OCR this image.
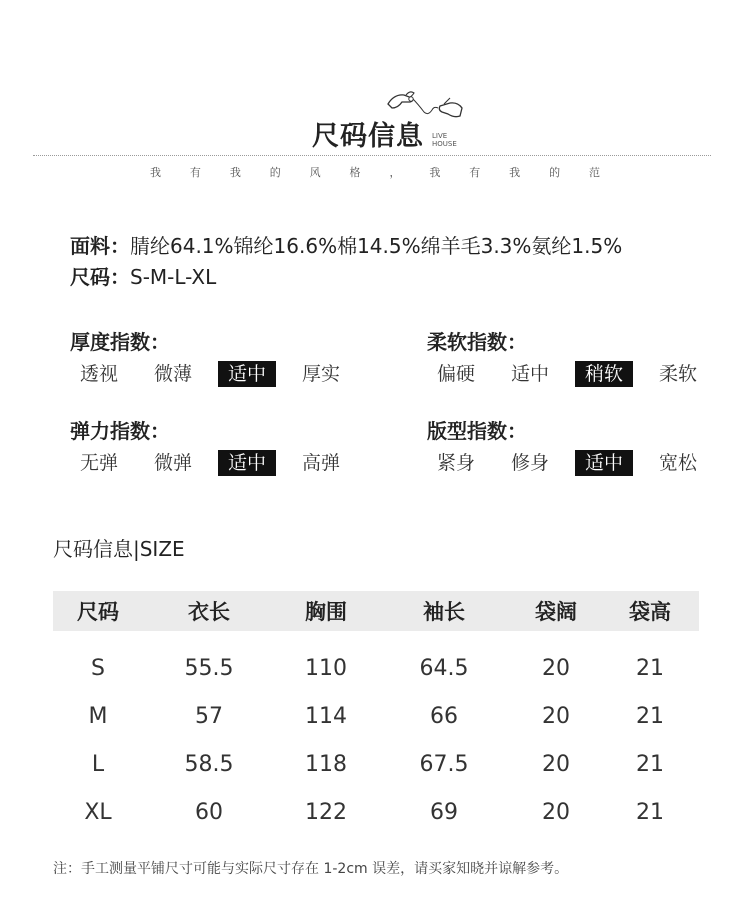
尺码信息 LIVE
HOUSE
我	有	我	的	风	格	，	我	有	我	的	范
面料：腈纶64.1%锦纶16.6%棉14.5%绵羊毛3.3%氨纶1.5%
尺码：S-M-L-XL
厚度指数：
透视	微薄	适中	厚实
柔软指数：
偏硬	适中	稍软	柔软
弹力指数：
无弹	微弹	适中	高弹
版型指数：
紧身	修身	适中	宽松
尺码信息|SIZE
尺码	衣长	胸围	袖长	袋阔	袋高
S	55.5	110	64.5	20	21
M	57	114	66	20	21
L	58.5	118	67.5	20	21
XL	60	122	69	20	21
注：手工测量平铺尺寸可能与实际尺寸存在 1-2cm 误差，请买家知晓并谅解参考。
